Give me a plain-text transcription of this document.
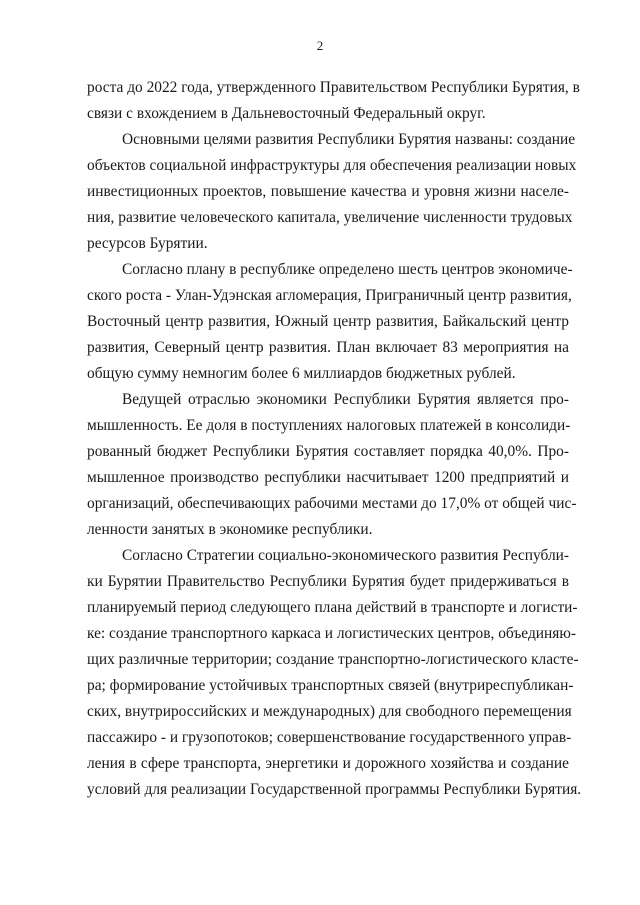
2
роста до 2022 года, утвержденного Правительством Республики Бурятия, в
связи с вхождением в Дальневосточный Федеральный округ.
Основными целями развития Республики Бурятия названы: создание
объектов социальной инфраструктуры для обеспечения реализации новых
инвестиционных проектов, повышение качества и уровня жизни населе-
ния, развитие человеческого капитала, увеличение численности трудовых
ресурсов Бурятии.
Согласно плану в республике определено шесть центров экономиче-
ского роста - Улан-Удэнская агломерация, Приграничный центр развития,
Восточный центр развития, Южный центр развития, Байкальский центр
развития, Северный центр развития. План включает 83 мероприятия на
общую сумму немногим более 6 миллиардов бюджетных рублей.
Ведущей отраслью экономики Республики Бурятия является про-
мышленность. Ее доля в поступлениях налоговых платежей в консолиди-
рованный бюджет Республики Бурятия составляет порядка 40,0%. Про-
мышленное производство республики насчитывает 1200 предприятий и
организаций, обеспечивающих рабочими местами до 17,0% от общей чис-
ленности занятых в экономике республики.
Согласно Стратегии социально-экономического развития Республи-
ки Бурятии Правительство Республики Бурятия будет придерживаться в
планируемый период следующего плана действий в транспорте и логисти-
ке: создание транспортного каркаса и логистических центров, объединяю-
щих различные территории; создание транспортно-логистического класте-
ра; формирование устойчивых транспортных связей (внутриреспубликан-
ских, внутрироссийских и международных) для свободного перемещения
пассажиро - и грузопотоков; совершенствование государственного управ-
ления в сфере транспорта, энергетики и дорожного хозяйства и создание
условий для реализации Государственной программы Республики Бурятия.
